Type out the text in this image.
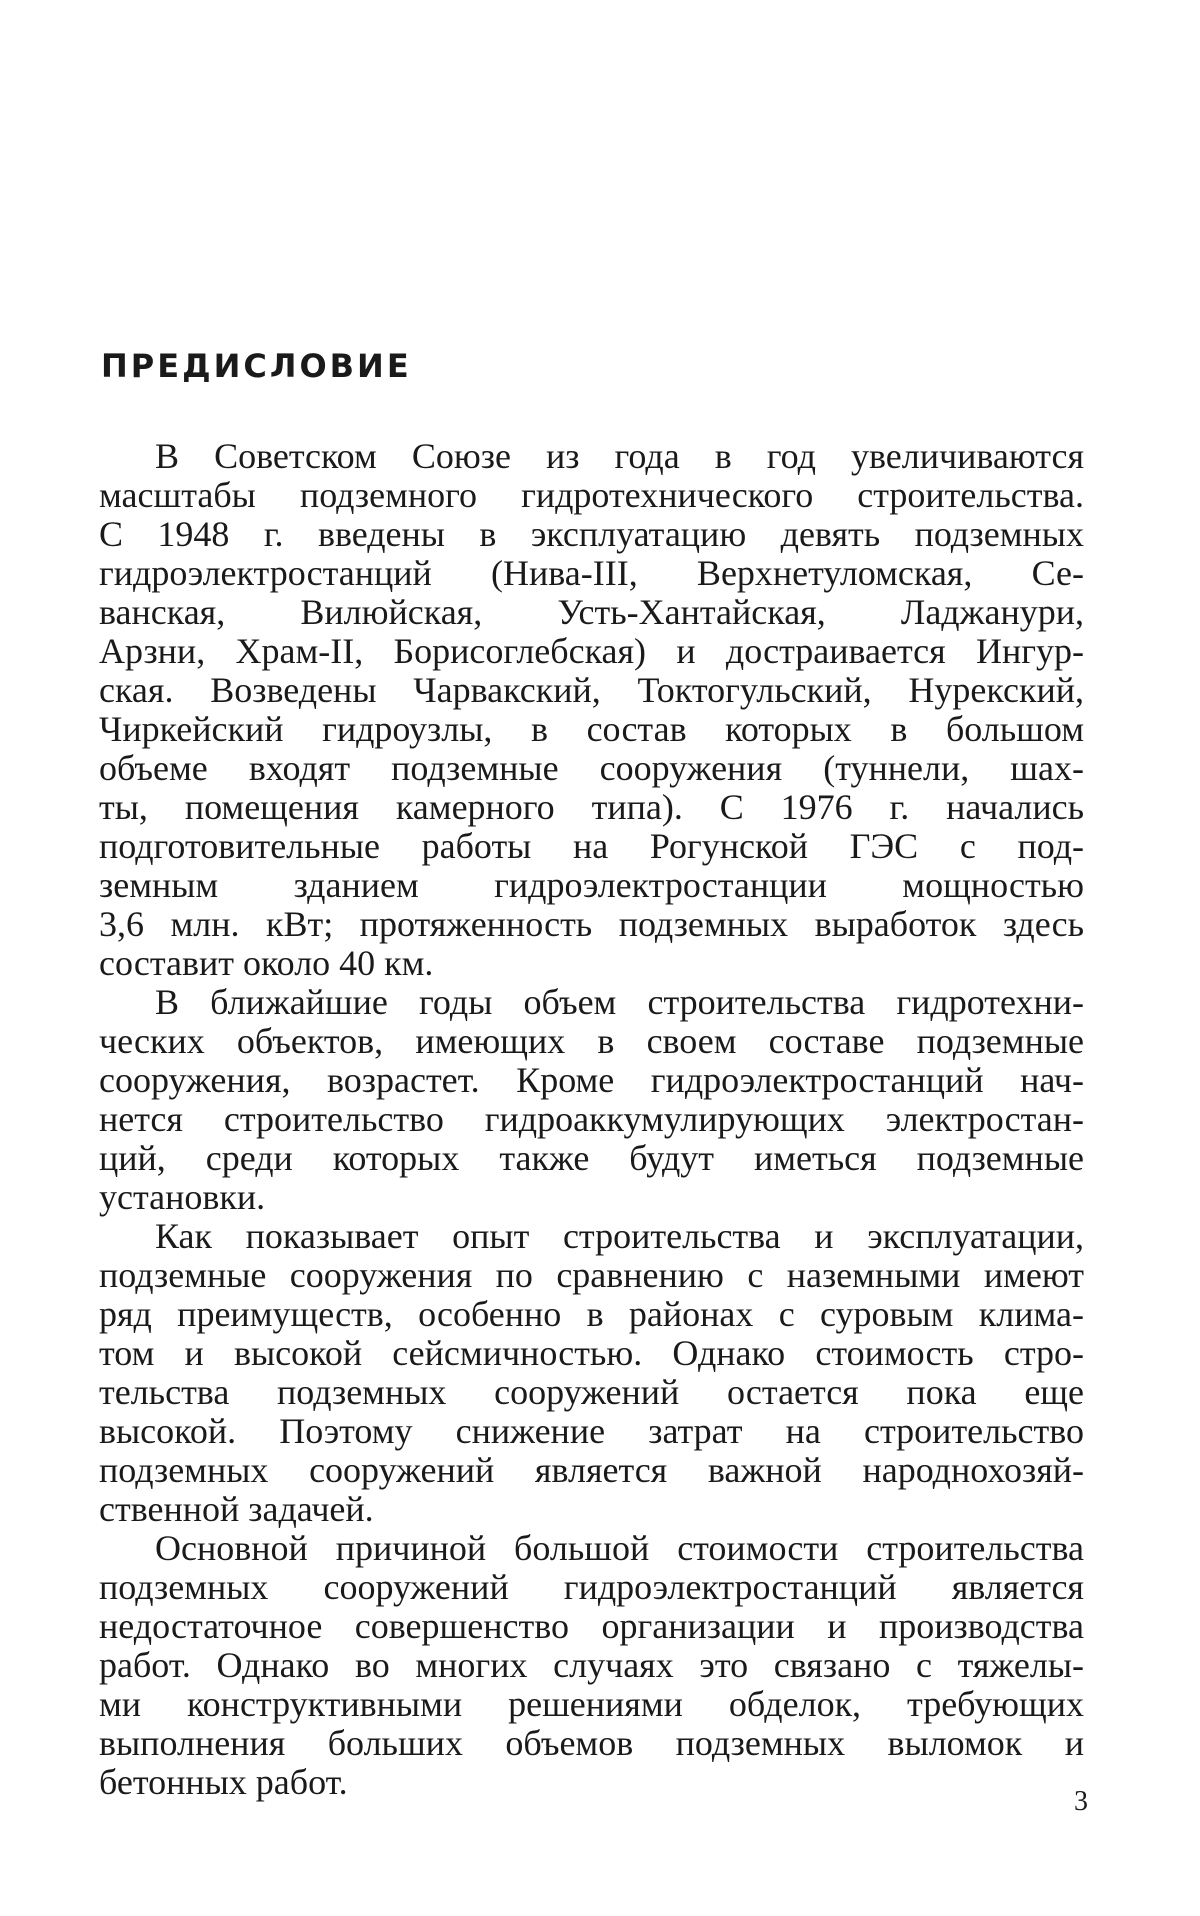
ПРЕДИСЛОВИЕ
В Советском Союзе из года в год увеличиваются
масштабы подземного гидротехнического строительства.
С 1948 г. введены в эксплуатацию девять подземных
гидроэлектростанций (Нива-III, Верхнетуломская, Се-
ванская, Вилюйская, Усть-Хантайская, Ладжанури,
Арзни, Храм-II, Борисоглебская) и достраивается Ингур-
ская. Возведены Чарвакский, Токтогульский, Нурекский,
Чиркейский гидроузлы, в состав которых в большом
объеме входят подземные сооружения (туннели, шах-
ты, помещения камерного типа). С 1976 г. начались
подготовительные работы на Рогунской ГЭС с под-
земным зданием гидроэлектростанции мощностью
3,6 млн. кВт; протяженность подземных выработок здесь
составит около 40 км.
В ближайшие годы объем строительства гидротехни-
ческих объектов, имеющих в своем составе подземные
сооружения, возрастет. Кроме гидроэлектростанций нач-
нется строительство гидроаккумулирующих электростан-
ций, среди которых также будут иметься подземные
установки.
Как показывает опыт строительства и эксплуатации,
подземные сооружения по сравнению с наземными имеют
ряд преимуществ, особенно в районах с суровым клима-
том и высокой сейсмичностью. Однако стоимость стро-
тельства подземных сооружений остается пока еще
высокой. Поэтому снижение затрат на строительство
подземных сооружений является важной народнохозяй-
ственной задачей.
Основной причиной большой стоимости строительства
подземных сооружений гидроэлектростанций является
недостаточное совершенство организации и производства
работ. Однако во многих случаях это связано с тяжелы-
ми конструктивными решениями обделок, требующих
выполнения больших объемов подземных выломок и
бетонных работ.	3
